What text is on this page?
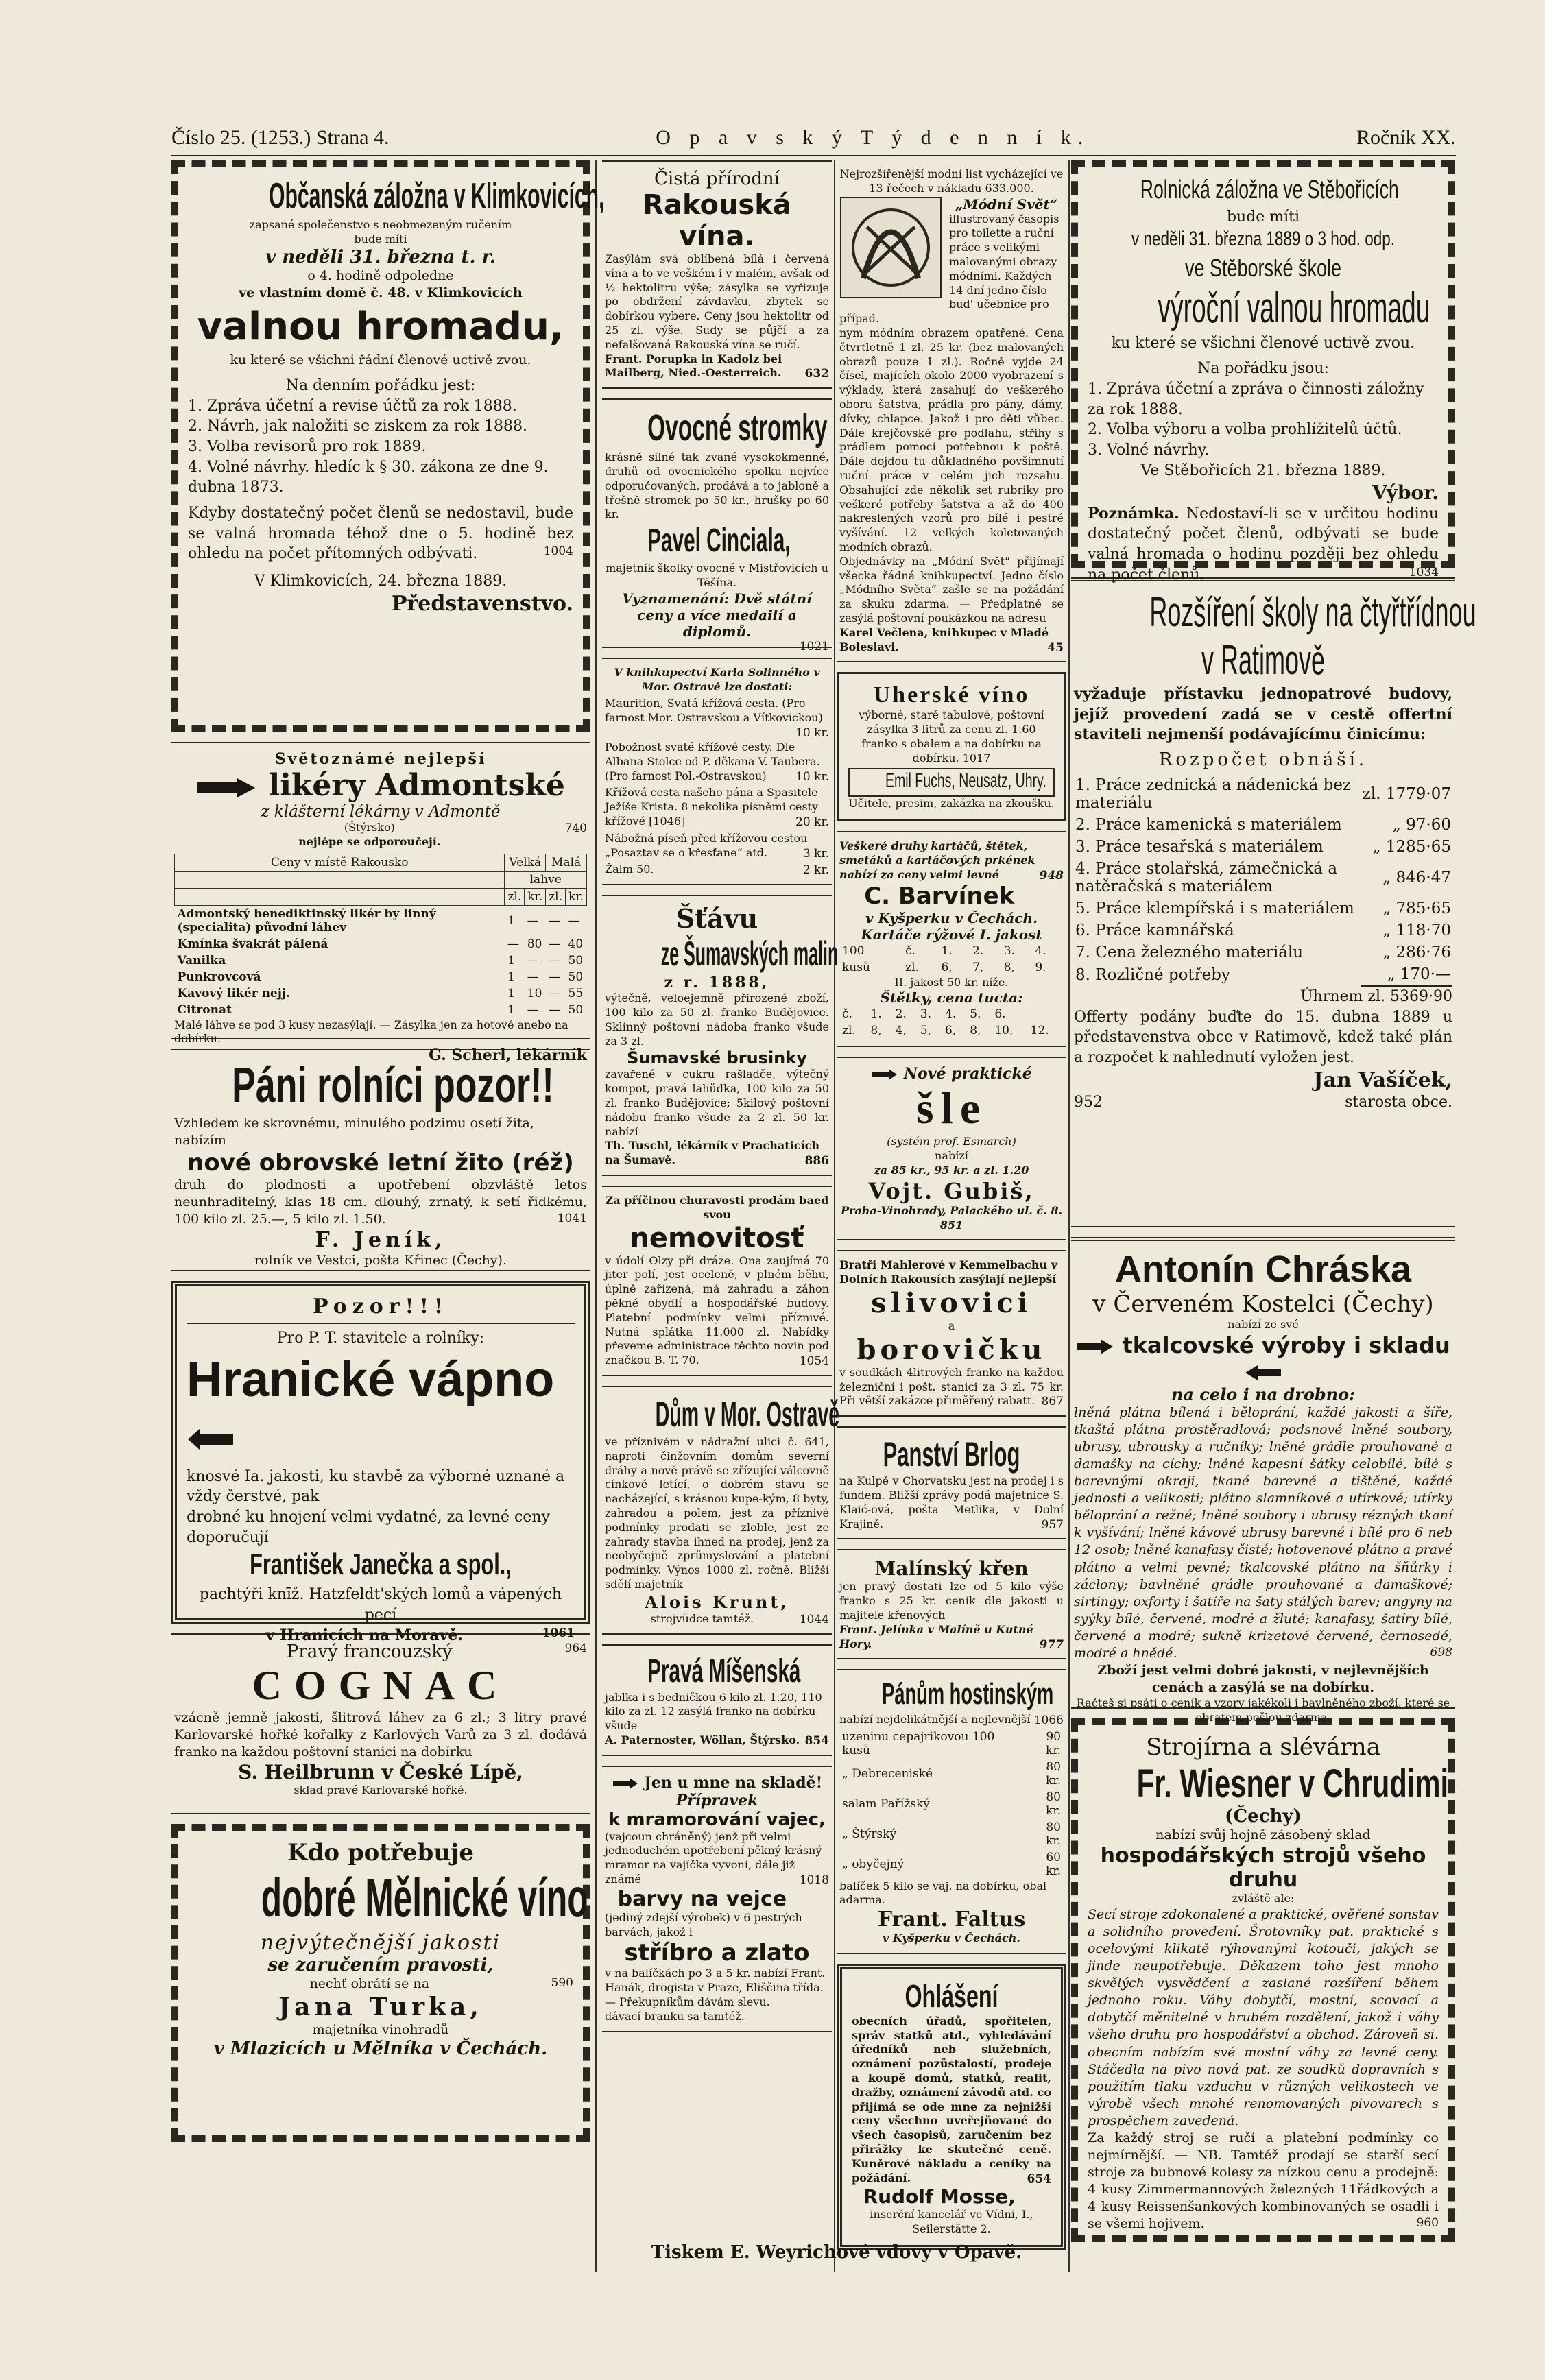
Číslo 25. (1253.) Strana 4.	O p a v s k ý T ý d e n n í k.	Ročník XX.
Občanská záložna v Klimkovicích,
zapsané společenstvo s neobmezeným ručením
bude míti
v neděli 31. března t. r.
o 4. hodině odpoledne
ve vlastním domě č. 48. v Klimkovicích
valnou hromadu,
ku které se všichni řádní členové uctivě zvou.
Na denním pořádku jest:
1. Zpráva účetní a revise účtů za rok 1888.
2. Návrh, jak naložiti se ziskem za rok 1888.
3. Volba revisorů pro rok 1889.
4. Volné návrhy. hledíc k § 30. zákona ze dne 9. dubna 1873.
Kdyby dostatečný počet členů se nedostavil, bude se valná hromada téhož dne o 5. hodině bez ohledu na počet přítomných odbývati.	1004
V Klimkovicích, 24. března 1889.
Představenstvo.
Světoznámé nejlepší
likéry Admontské
z klášterní lékárny v Admontě
(Štýrsko)	740
nejlépe se odporoučejí.
Ceny v místě Rakousko	Velká		Malá	
	lahve			
	zl.	kr.	zl.	kr.
Admontský benediktinský likér by linný (specialita) původní láhev	1	—	—	—
Kmínka švakrát pálená	—	80	—	40
Vanilka	1	—	—	50
Punkrovcová	1	—	—	50
Kavový likér nejj.	1	10	—	55
Citronat	1	—	—	50
Malé láhve se pod 3 kusy nezasýlají. — Zásylka jen za hotové anebo na dobírku.
G. Scherl, lékárník
Páni rolníci pozor!!
Vzhledem ke skrovnému, minulého podzimu osetí žita, nabízím
nové obrovské letní žito (réž)
druh do plodnosti a upotřebení obzvláště letos neunhraditelný, klas 18 cm. dlouhý, zrnatý, k setí řidkému, 100 kilo zl. 25.—, 5 kilo zl. 1.50.	1041
F. Jeník,
rolník ve Vestci, pošta Křinec (Čechy).
Pozor!!!
Pro P. T. stavitele a rolníky:
Hranické vápno
knosvé Ia. jakosti, ku stavbě za výborné uznané a vždy čerstvé, pak
drobné ku hnojení velmi vydatné, za levné ceny doporučují
František Janečka a spol.,
pachtýři knīž. Hatzfeldt'ských lomů a vápených pecí
v Hranicích na Moravě.	1061
Pravý francouzský	964
COGNAC
vzácně jemně jakosti, šlitrová láhev za 6 zl.; 3 litry pravé Karlovarské hořké kořalky z Karlových Varů za 3 zl. dodává franko na každou poštovní stanici na dobírku
S. Heilbrunn v České Lípě,
sklad pravé Karlovarské hořké.
Kdo potřebuje
dobré Mělnické víno
nejvýtečnější jakosti
se zaručením pravosti,
nechť obrátí se na	590
Jana Turka,
majetníka vinohradů
v Mlazicích u Mělníka v Čechách.
Čistá přírodní
Rakouská vína.
Zasýlám svá oblíbená bílá i červená vína a to ve veškém i v malém, avšak od ½ hektolitru výše; zásylka se vyřizuje po obdržení závdavku, zbytek se dobírkou vybere. Ceny jsou hektolitr od 25 zl. výše. Sudy se půjčí a za nefalšovaná Rakouská vína se ručí.
Frant. Porupka in Kadolz bei Mailberg, Nied.-Oesterreich. 632
Ovocné stromky
krásně silné tak zvané vysokokmenné, druhů od ovocnického spolku nejvíce odporučovaných, prodává a to jabloně a třešně stromek po 50 kr., hrušky po 60 kr.
Pavel Cinciala,
majetník školky ovocné v Mistřovicích u Těšína.
Vyznamenání: Dvě státní ceny a více medailí a diplomů.
1021
V knihkupectví Karla Solinného v Mor. Ostravě lze dostati:
Maurition, Svatá křížová cesta. (Pro farnost Mor. Ostravskou a Vítkovickou)
10 kr.
Pobožnost svaté křížové cesty. Dle Albana Stolce od P. děkana V. Taubera. (Pro farnost Pol.-Ostravskou) 10 kr.
Křížová cesta našeho pána a Spasitele Ježíše Krista. 8 nekolika písněmi cesty křížové [1046]	20 kr.
Nábožná píseň před křížovou cestou „Posaztav se o křesťane“ atd.	3 kr.
Žalm 50.	2 kr.
Šťávu
ze Šumavských malin
z r. 1888,
výtečně, veloejemně přirozené zboží, 100 kilo za 50 zl. franko Budějovice. Sklínný poštovní nádoba franko všude za 3 zl.
Šumavské brusinky
zavařené v cukru rašladče, výtečný kompot, pravá lahůdka, 100 kilo za 50 zl. franko Budějovice; 5kilový poštovní nádobu franko všude za 2 zl. 50 kr. nabízí
Th. Tuschl, lékárník v Prachaticích na Šumavě.	886
Za příčinou churavosti prodám baed svou
nemovitosť
v údolí Olzy při dráze. Ona zaujímá 70 jiter polí, jest oceleně, v plném běhu, úplně zařízená, má zahradu a záhon pěkné obydlí a hospodářské budovy. Platební podmínky velmi příznivé. Nutná splátka 11.000 zl. Nabídky převeme administrace těchto novin pod značkou B. T. 70.	1054
Dům v Mor. Ostravě
ve příznivém v nádražní ulici č. 641, naproti činžovním domům severní dráhy a nově právě se zřízující válcovně cínkové letící, o dobrém stavu se nacházející, s krásnou kupe-kým, 8 byty, zahradou a polem, jest za příznivé podmínky prodati se zloble, jest ze zahrady stavba ihned na prodej, jenž za neobyčejně zprůmyslování a platební podmínky. Výnos 1000 zl. ročně. Bližší sdělí majetník
Alois Krunt,
strojvůdce tamtéž.	1044
Pravá Míšenská
jablka i s bedničkou 6 kilo zl. 1.20, 110 kilo za zl. 12 zasýlá franko na dobírku všude
A. Paternoster, Wöllan, Štýrsko. 854
Jen u mne na skladě!
Přípravek
k mramorování vajec,
(vajcoun chráněný) jenž při velmi jednoduchém upotřebení pěkný krásný mramor na vajíčka vyvoní, dále již známé	1018
barvy na vejce
(jediný zdejší výrobek) v 6 pestrých barvách, jakož i
stříbro a zlato
v na balíčkách po 3 a 5 kr. nabízí Frant. Hanák, drogista v Praze, Eliščina třída. — Překupníkům dávám slevu.
dávací branku sa tamtéž.
Nejrozšířenější modní list vycházející ve 13 řečech v nákladu 633.000.
„Módní Svět“
illustrovaný časopis pro toilette a ruční práce s velikými malovanými obrazy módními. Každých 14 dní jedno číslo bud' učebnice pro případ.
nym módním obrazem opatřené. Cena čtvrtletně 1 zl. 25 kr. (bez malovaných obrazů pouze 1 zl.). Ročně vyjde 24 čísel, majících okolo 2000 vyobrazení s výklady, která zasahují do veškerého oboru šatstva, prádla pro pány, dámy, dívky, chlapce. Jakož i pro děti vůbec. Dále krejčovské pro podlahu, střihy s prádlem pomocí potřebnou k poště. Dále dojdou tu důkladného povšimnutí ruční práce v celém jich rozsahu. Obsahující zde několik set rubriky pro veškeré potřeby šatstva a až do 400 nakreslených vzorů pro bílé i pestré vyšívání. 12 velkých koletovaných modních obrazů.
Objednávky na „Módní Svět“ přijímají všecka řádná knihkupectví. Jedno číslo „Módního Světa“ zašle se na požádání za skuku zdarma. — Předplatné se zasýlá poštovní poukázkou na adresu
Karel Večlena, knihkupec v Mladé Boleslavi.	45
Uherské víno
výborné, staré tabulové, poštovní zásylka 3 litrů za cenu zl. 1.60 franko s obalem a na dobírku na dobírku. 1017
Emil Fuchs, Neusatz, Uhry.
Učitele, presim, zakázka na zkoušku.
Veškeré druhy kartáčů, štětek, smetáků a kartáčových prkének nabízí za ceny velmi levné	948
C. Barvínek
v Kyšperku v Čechách.
Kartáče rýžové I. jakost
100	č.	1.	2.	3.	4.
kusů	zl.	6,	7,	8,	9.
II. jakost 50 kr. níže.
Štětky, cena tucta:
č.	1.	2.	3.	4.	5.	6.	
zl.	8,	4,	5,	6,	8,	10,	12.
Nové praktické
šle
(systém prof. Esmarch)
nabízí
za 85 kr., 95 kr. a zl. 1.20
Vojt. Gubiš,
Praha-Vinohrady, Palackého ul. č. 8. 851
Bratři Mahlerové v Kemmelbachu v Dolních Rakousích zasýlají nejlepší
slivovici
a
borovičku
v soudkách 4litrových franko na každou železniční i pošt. stanici za 3 zl. 75 kr. Při větší zakázce přiměřený rabatt. 867
Panství Brlog
na Kulpě v Chorvatsku jest na prodej i s fundem. Bližší zprávy podá majetnice S. Klaić-ová, pošta Metlika, v Dolní Krajině.	957
Malínský křen
jen pravý dostati lze od 5 kilo výše franko s 25 kr. ceník dle jakosti u majitele křenových
Frant. Jelínka v Malíně u Kutné Hory.	977
Pánům hostinským
nabízí nejdelikátnější a nejlevnější 1066
uzeninu cepajrikovou 100 kusů	90 kr.
„ Debreceniské	80 kr.
salam Pařížský	80 kr.
„ Štýrský	80 kr.
„ obyčejný	60 kr.
balíček 5 kilo se vaj. na dobírku, obal adarma.
Frant. Faltus
v Kyšperku v Čechách.
Ohlášení
obecních úřadů, spořitelen, správ statků atd., vyhledávání úředníků neb služebních, oznámení pozůstalostí, prodeje a koupě domů, statků, realit, dražby, oznámení závodů atd. co přijímá se ode mne za nejnižší ceny všechno uveřejňované do všech časopisů, zaručením bez přirážky ke skutečné ceně. Kuněrové nákladu a ceníky na požádání.	654
Rudolf Mosse,
inserční kancelář ve Vídni, I., Seilerstätte 2.
Rolnická záložna ve Stěbořicích
bude míti
v neděli 31. března 1889 o 3 hod. odp.
ve Stěborské škole
výroční valnou hromadu
ku které se všichni členové uctivě zvou.
Na pořádku jsou:
1. Zpráva účetní a zpráva o činnosti záložny za rok 1888.
2. Volba výboru a volba prohlížitelů účtů.
3. Volné návrhy.
Ve Stěbořicích 21. března 1889.
Výbor.
Poznámka. Nedostaví-li se v určitou hodinu dostatečný počet členů, odbývati se bude valná hromada o hodinu později bez ohledu na počet členů.	1034
Rozšíření školy na čtyřtřídnou
v Ratimově
vyžaduje přístavku jednopatrové budovy, jejíž provedení zadá se v cestě offertní staviteli nejmenší podávajícímu činicímu:
Rozpočet obnáší.
1. Práce zednická a nádenická bez materiálu	zl. 1779·07
2. Práce kamenická s materiálem	„ 97·60
3. Práce tesařská s materiálem	„ 1285·65
4. Práce stolařská, zámečnická a natěračská s materiálem	„ 846·47
5. Práce klempířská i s materiálem	„ 785·65
6. Práce kamnářská	„ 118·70
7. Cena železného materiálu	„ 286·76
8. Rozličné potřeby	„ 170·—
Úhrnem zl. 5369·90
Offerty podány buďte do 15. dubna 1889 u představenstva obce v Ratimově, kdež také plán a rozpočet k nahlednutí vyložen jest.
Jan Vašíček,
952	starosta obce.
Antonín Chráska
v Červeném Kostelci (Čechy)
nabízí ze své
tkalcovské výroby i skladu
na celo i na drobno:
lněná plátna bílená i běloprání, každé jakosti a šíře, tkaštá plátna prostěradlová; podsnové lněné soubory, ubrusy, ubrousky a ručníky; lněné grádle prouhované a damašky na cíchy; lněné kapesní šátky celobílé, bílé s barevnými okraji, tkané barevné a tištěné, každé jednosti a velikosti; plátno slamníkové a utírkové; utírky běloprání a režné; lněné soubory i ubrusy rézných tkaní k vyšívání; lněné kávové ubrusy barevné i bílé pro 6 neb 12 osob; lněné kanafasy čisté; hotovenové plátno a pravé plátno a velmi pevné; tkalcovské plátno na šňůrky i záclony; bavlněné grádle prouhované a damaškové; sirtingy; oxforty i šatíře na šaty stálých barev; angyny na syýky bílé, červené, modré a žluté; kanafasy, šatíry bílé, červené a modré; sukně krizetové červené, černosedé, modré a hnědé.	698
Zboží jest velmi dobré jakosti, v nejlevnějších cenách a zasýlá se na dobírku.
Račteš si psáti o ceník a vzory jakékoli i bavlněného zboží, které se obratem pošlou zdarma.
Strojírna a slévárna
Fr. Wiesner v Chrudimi
(Čechy)
nabízí svůj hojně zásobený sklad
hospodářských strojů všeho druhu
zvláště ale:
Secí stroje zdokonalené a praktické, ověřené sonstav a solidního provedení. Šrotovníky pat. praktické s ocelovými klikatě rýhovanými kotouči, jakých se jinde neupotřebuje. Děkazem toho jest mnoho skvělých vysvědčení a zaslané rozšíření během jednoho roku. Váhy dobytčí, mostní, scovací a dobytčí měnitelné v hrubém rozdělení, jakož i váhy všeho druhu pro hospodářství a obchod. Zároveň si. obecním nabízím své mostní váhy za levné ceny. Stáčedla na pivo nová pat. ze soudků dopravních s použitím tlaku vzduchu v různých velikostech ve výrobě všech mnohé renomovaných pivovarech s prospěchem zavedená.
Za každý stroj se ručí a platební podmínky co nejmírnější. — NB. Tamtéž prodají se starší secí stroje za bubnové kolesy za nízkou cenu a prodejně: 4 kusy Zimmermannových železných 11řádkových a 4 kusy Reissenšankových kombinovaných se osadli i se všemi hojivem.	960
Tiskem E. Weyrichové vdovy v Opavě.
